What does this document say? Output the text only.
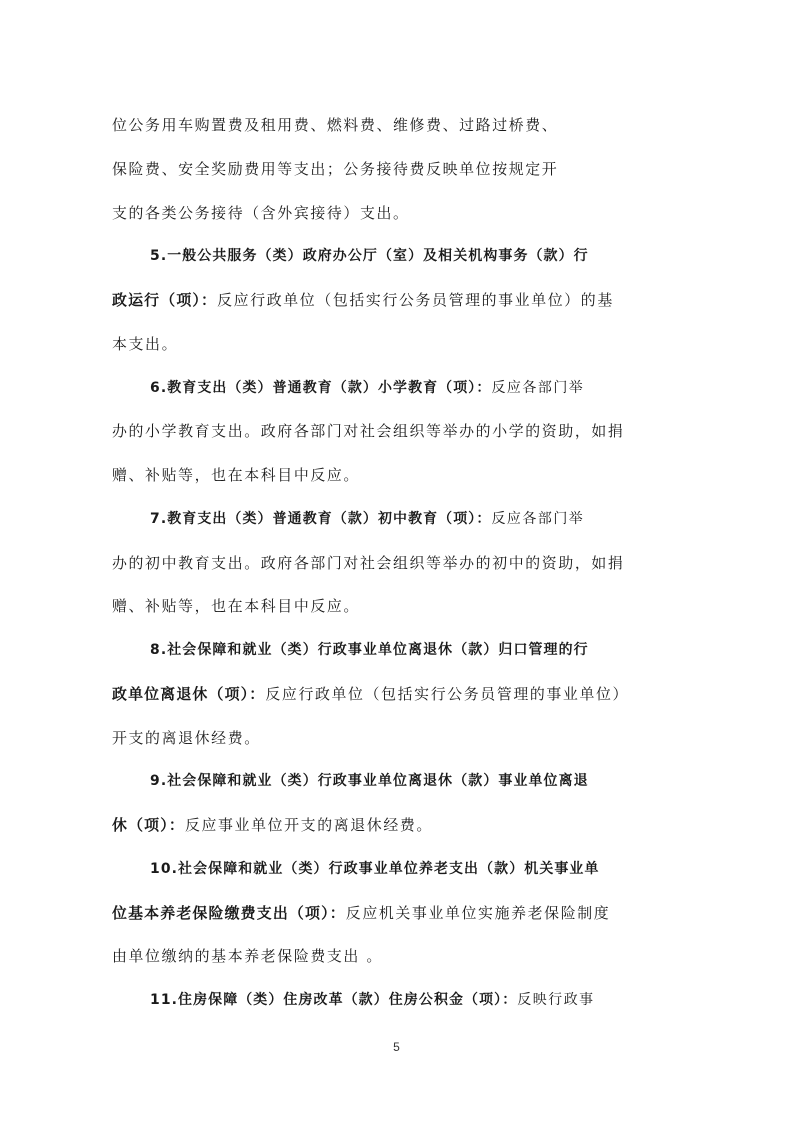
位公务用车购置费及租用费、燃料费、维修费、过路过桥费、
保险费、安全奖励费用等支出；公务接待费反映单位按规定开
支的各类公务接待（含外宾接待）支出。
5.一般公共服务（类）政府办公厅（室）及相关机构事务（款）行
政运行（项）：反应行政单位（包括实行公务员管理的事业单位）的基
本支出。
6.教育支出（类）普通教育（款）小学教育（项）：反应各部门举
办的小学教育支出。政府各部门对社会组织等举办的小学的资助，如捐
赠、补贴等，也在本科目中反应。
7.教育支出（类）普通教育（款）初中教育（项）：反应各部门举
办的初中教育支出。政府各部门对社会组织等举办的初中的资助，如捐
赠、补贴等，也在本科目中反应。
8.社会保障和就业（类）行政事业单位离退休（款）归口管理的行
政单位离退休（项）：反应行政单位（包括实行公务员管理的事业单位）
开支的离退休经费。
9.社会保障和就业（类）行政事业单位离退休（款）事业单位离退
休（项）：反应事业单位开支的离退休经费。
10.社会保障和就业（类）行政事业单位养老支出（款）机关事业单
位基本养老保险缴费支出（项）：反应机关事业单位实施养老保险制度
由单位缴纳的基本养老保险费支出 。
11.住房保障（类）住房改革（款）住房公积金（项）：反映行政事
5
